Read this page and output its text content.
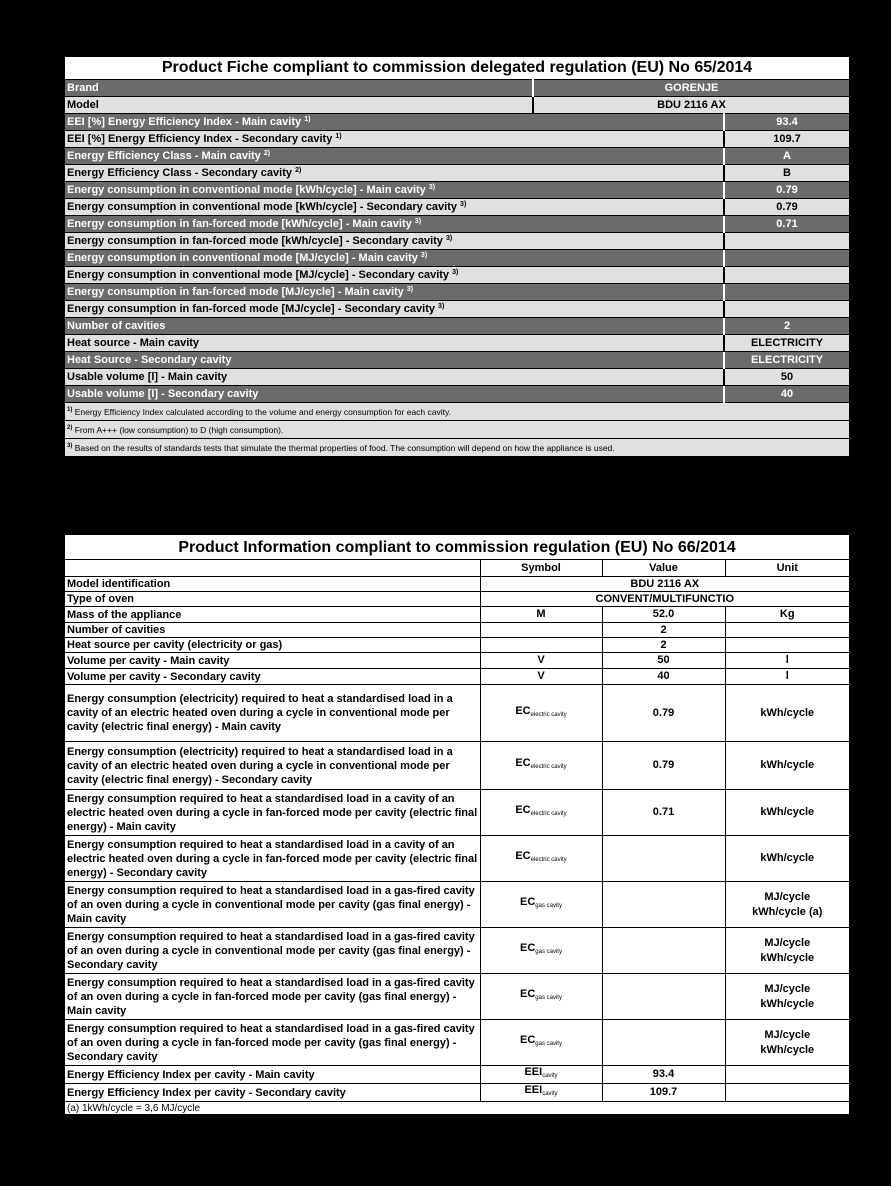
Product Fiche compliant to commission delegated regulation (EU) No 65/2014		
Brand	GORENJE	
Model	BDU 2116 AX	
EEI [%] Energy Efficiency Index - Main cavity $^{1)}$		93.4
EEI [%] Energy Efficiency Index - Secondary cavity $^{1)}$		109.7
Energy Efficiency Class - Main cavity $^{2)}$		A
Energy Efficiency Class - Secondary cavity $^{2)}$		B
Energy consumption in conventional mode [kWh/cycle] - Main cavity $^{3)}$		0.79
Energy consumption in conventional mode [kWh/cycle] - Secondary cavity $^{3)}$		0.79
Energy consumption in fan-forced mode [kWh/cycle] - Main cavity $^{3)}$		0.71
Energy consumption in fan-forced mode [kWh/cycle] - Secondary cavity $^{3)}$	
Energy consumption in conventional mode [MJ/cycle] - Main cavity $^{3)}$	
Energy consumption in conventional mode [MJ/cycle] - Secondary cavity $^{3)}$	
Energy consumption in fan-forced mode [MJ/cycle] - Main cavity $^{3)}$	
Energy consumption in fan-forced mode [MJ/cycle] - Secondary cavity $^{3)}$	
Number of cavities		2
Heat source - Main cavity		ELECTRICITY
Heat Source - Secondary cavity		ELECTRICITY
Usable volume [l] - Main cavity		50
Usable volume [l] - Secondary cavity		40
$^{1)}$ Energy Efficiency Index calculated according to the volume and energy consumption for each cavity.		
$^{2)}$ From A+++ (low consumption) to D (high consumption).		
$^{3)}$ Based on the results of standards tests that simulate the thermal properties of food. The consumption will depend on how the appliance is used.		
Product Information compliant to commission regulation (EU) No 66/2014			
	Symbol	Value	Unit
Model identification	BDU 2116 AX		
Type of oven	CONVENT/MULTIFUNCTIO		
Mass of the appliance	M	52.0	Kg
Number of cavities		2	
Heat source per cavity (electricity or gas)		2	
Volume per cavity - Main cavity	V	50	l
Volume per cavity - Secondary cavity	V	40	l
Energy consumption (electricity) required to heat a standardised load in a cavity of an electric heated oven during a cycle in conventional mode per cavity (electric final energy) - Main cavity	$EC_{electric cavity}$	0.79	kWh/cycle
Energy consumption (electricity) required to heat a standardised load in a cavity of an electric heated oven during a cycle in conventional mode per cavity (electric final energy) - Secondary cavity	$EC_{electric cavity}$	0.79	kWh/cycle
Energy consumption required to heat a standardised load in a cavity of an electric heated oven during a cycle in fan-forced mode per cavity (electric final energy) - Main cavity	$EC_{electric cavity}$	0.71	kWh/cycle
Energy consumption required to heat a standardised load in a cavity of an electric heated oven during a cycle in fan-forced mode per cavity (electric final energy) - Secondary cavity	$EC_{electric cavity}$		kWh/cycle
Energy consumption required to heat a standardised load in a gas-fired cavity of an oven during a cycle in conventional mode per cavity (gas final energy) - Main cavity	$EC_{gas cavity}$		MJ/cycle
kWh/cycle (a)
Energy consumption required to heat a standardised load in a gas-fired cavity of an oven during a cycle in conventional mode per cavity (gas final energy) - Secondary cavity	$EC_{gas cavity}$		MJ/cycle
kWh/cycle
Energy consumption required to heat a standardised load in a gas-fired cavity of an oven during a cycle in fan-forced mode per cavity (gas final energy) - Main cavity	$EC_{gas cavity}$		MJ/cycle
kWh/cycle
Energy consumption required to heat a standardised load in a gas-fired cavity of an oven during a cycle in fan-forced mode per cavity (gas final energy) - Secondary cavity	$EC_{gas cavity}$		MJ/cycle
kWh/cycle
Energy Efficiency Index per cavity - Main cavity	$EEI_{cavity}$	93.4	
Energy Efficiency Index per cavity - Secondary cavity	$EEI_{cavity}$	109.7	
(a) 1kWh/cycle = 3,6 MJ/cycle			
